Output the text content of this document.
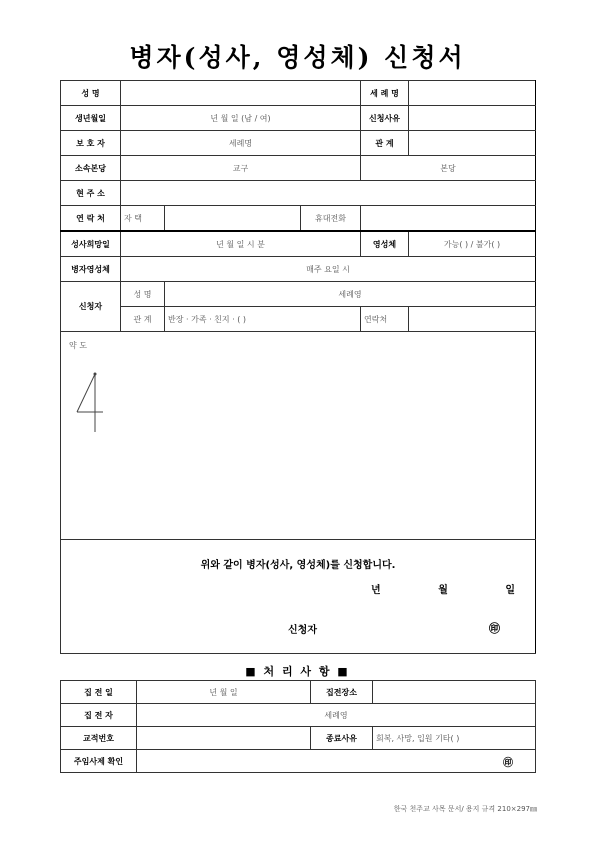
병자(성사, 영성체) 신청서
성 명				세 례 명	
생년월일	년 월 일 (남 / 여)			신청사유	
보 호 자	세례명			관 계	
소속본당	교구			본당	
현 주 소					
연 락 처	자 택		휴대전화		
성사희망일	년 월 일 시 분			영성체	가능( ) / 불가( )
병자영성체	매주 요일 시				
신청자	성 명	세례영			
	관 계	반장 · 가족 · 친지 · ( )		연락처	

약 도					

위와 같이 병자(성사, 영성체)를 신청합니다.
년 월 일
신청자 ㊞					
■ 처 리 사 항 ■
집 전 일	년 월 일	집전장소	
집 전 자	세례영		
교적번호		종료사유	회복, 사망, 입원 기타( )
주임사제 확인	㊞		
한국 천주교 사목 문서/ 용지 규격 210×297㎜
